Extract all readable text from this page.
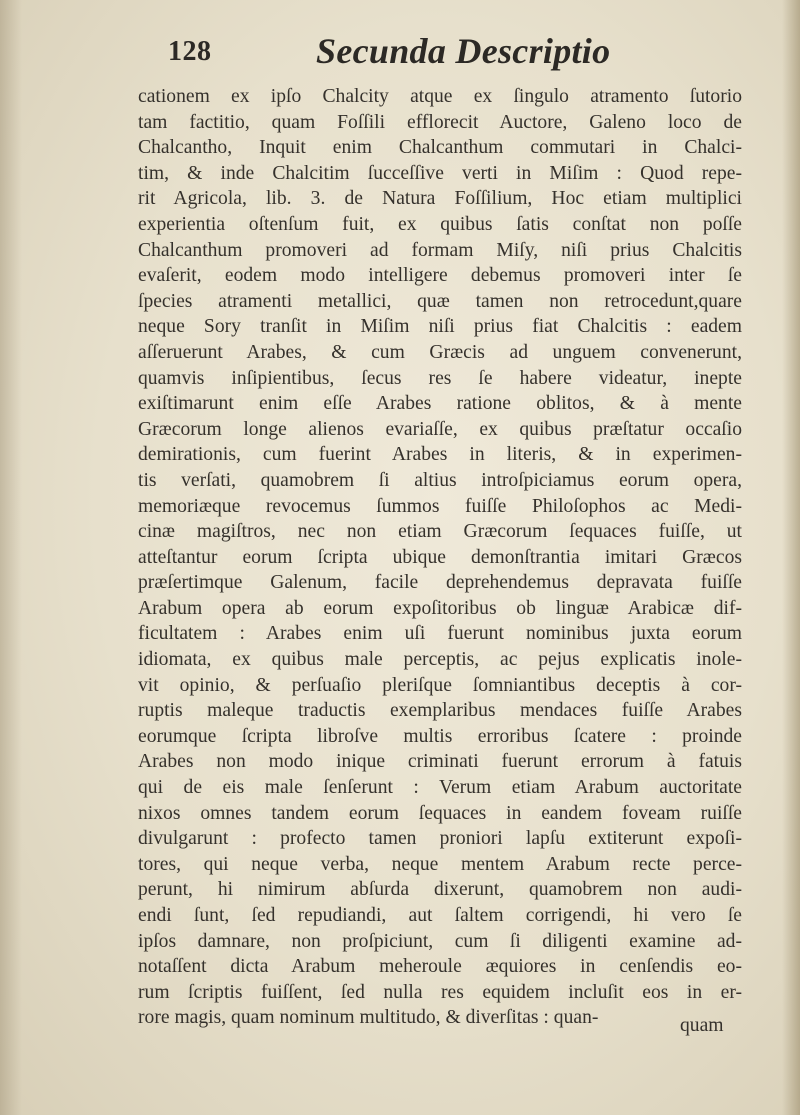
128	Secunda Descriptio
cationem ex ipſo Chalcity atque ex ſingulo atramento ſutorio
tam factitio, quam Foſſili efflorecit Auctore, Galeno loco de
Chalcantho, Inquit enim Chalcanthum commutari in Chalci-
tim, & inde Chalcitim ſucceſſive verti in Miſim : Quod repe-
rit Agricola, lib. 3. de Natura Foſſilium, Hoc etiam multiplici
experientia oſtenſum fuit, ex quibus ſatis conſtat non poſſe
Chalcanthum promoveri ad formam Miſy, niſi prius Chalcitis
evaſerit, eodem modo intelligere debemus promoveri inter ſe
ſpecies atramenti metallici, quæ tamen non retrocedunt,quare
neque Sory tranſit in Miſim niſi prius fiat Chalcitis : eadem
aſſeruerunt Arabes, & cum Græcis ad unguem convenerunt,
quamvis inſipientibus, ſecus res ſe habere videatur, inepte
exiſtimarunt enim eſſe Arabes ratione oblitos, & à mente
Græcorum longe alienos evariaſſe, ex quibus præſtatur occaſio
demirationis, cum fuerint Arabes in literis, & in experimen-
tis verſati, quamobrem ſi altius introſpiciamus eorum opera,
memoriæque revocemus ſummos fuiſſe Philoſophos ac Medi-
cinæ magiſtros, nec non etiam Græcorum ſequaces fuiſſe, ut
atteſtantur eorum ſcripta ubique demonſtrantia imitari Græcos
præſertimque Galenum, facile deprehendemus depravata fuiſſe
Arabum opera ab eorum expoſitoribus ob linguæ Arabicæ dif-
ficultatem : Arabes enim uſi fuerunt nominibus juxta eorum
idiomata, ex quibus male perceptis, ac pejus explicatis inole-
vit opinio, & perſuaſio pleriſque ſomniantibus deceptis à cor-
ruptis maleque traductis exemplaribus mendaces fuiſſe Arabes
eorumque ſcripta libroſve multis erroribus ſcatere : proinde
Arabes non modo inique criminati fuerunt errorum à fatuis
qui de eis male ſenſerunt : Verum etiam Arabum auctoritate
nixos omnes tandem eorum ſequaces in eandem foveam ruiſſe
divulgarunt : profecto tamen proniori lapſu extiterunt expoſi-
tores, qui neque verba, neque mentem Arabum recte perce-
perunt, hi nimirum abſurda dixerunt, quamobrem non audi-
endi ſunt, ſed repudiandi, aut ſaltem corrigendi, hi vero ſe
ipſos damnare, non proſpiciunt, cum ſi diligenti examine ad-
notaſſent dicta Arabum meheroule æquiores in cenſendis eo-
rum ſcriptis fuiſſent, ſed nulla res equidem incluſit eos in er-
rore magis, quam nominum multitudo, & diverſitas : quan-	quam
